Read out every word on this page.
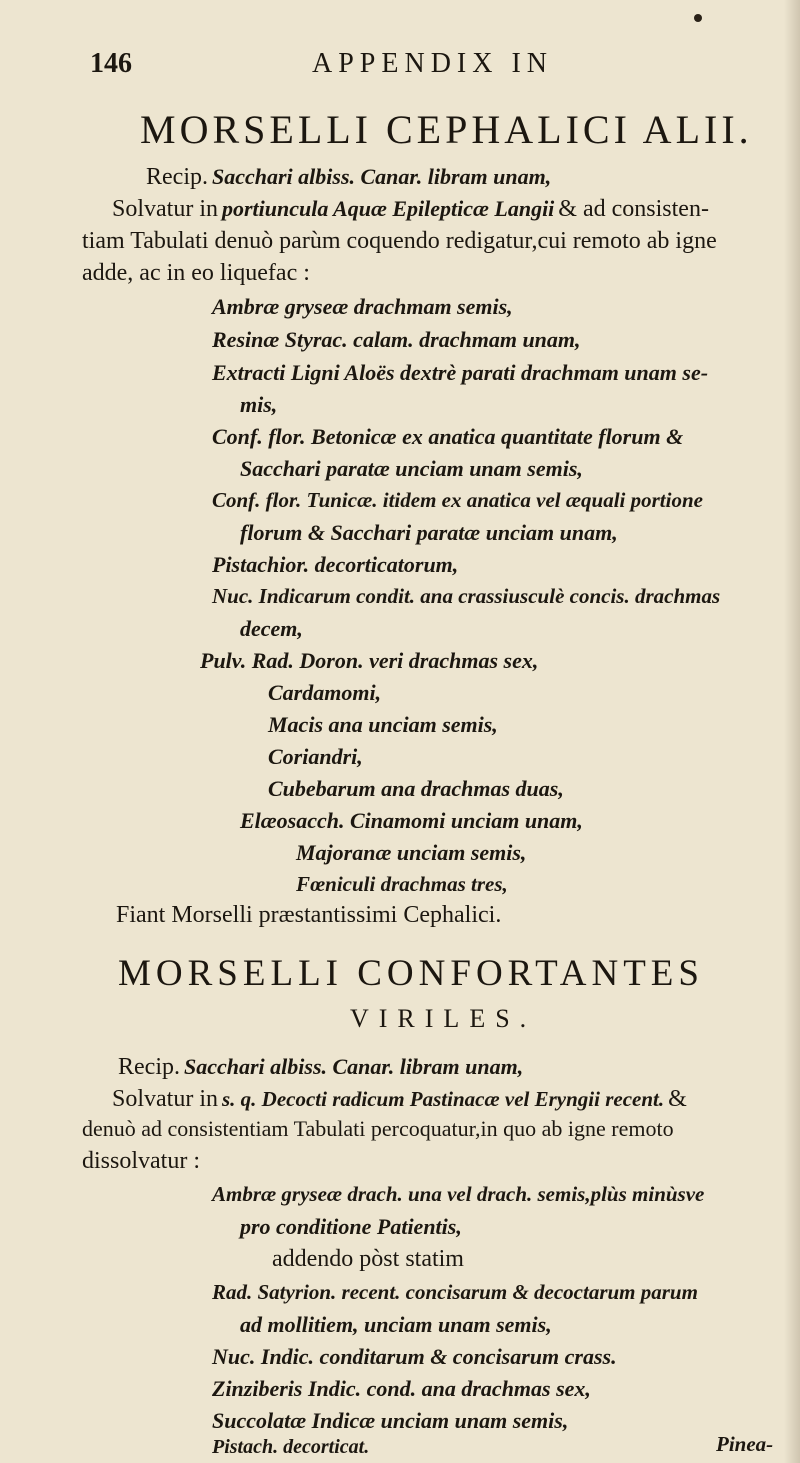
146	APPENDIX IN
MORSELLI CEPHALICI ALII.
Recip. Sacchari albiss. Canar. libram unam,
Solvatur in portiuncula Aquæ Epilepticæ Langii & ad consisten-
tiam Tabulati denuò parùm coquendo redigatur,cui remoto ab igne
adde, ac in eo liquefac :
Ambræ gryseæ drachmam semis,
Resinæ Styrac. calam. drachmam unam,
Extracti Ligni Aloës dextrè parati drachmam unam se-
mis,
Conf. flor. Betonicæ ex anatica quantitate florum &
Sacchari paratæ unciam unam semis,
Conf. flor. Tunicæ. itidem ex anatica vel æquali portione
florum & Sacchari paratæ unciam unam,
Pistachior. decorticatorum,
Nuc. Indicarum condit. ana crassiusculè concis. drachmas
decem,
Pulv. Rad. Doron. veri drachmas sex,
Cardamomi,
Macis ana unciam semis,
Coriandri,
Cubebarum ana drachmas duas,
Elæosacch. Cinamomi unciam unam,
Majoranæ unciam semis,
Fœniculi drachmas tres,
Fiant Morselli præstantissimi Cephalici.
MORSELLI CONFORTANTES
VIRILES.
Recip. Sacchari albiss. Canar. libram unam,
Solvatur in s. q. Decocti radicum Pastinacæ vel Eryngii recent. &
denuò ad consistentiam Tabulati percoquatur,in quo ab igne remoto
dissolvatur :
Ambræ gryseæ drach. una vel drach. semis,plùs minùsve
pro conditione Patientis,
addendo pòst statim
Rad. Satyrion. recent. concisarum & decoctarum parum
ad mollitiem, unciam unam semis,
Nuc. Indic. conditarum & concisarum crass.
Zinziberis Indic. cond. ana drachmas sex,
Succolatæ Indicæ unciam unam semis,
Pistach. decorticat.	Pinea-
